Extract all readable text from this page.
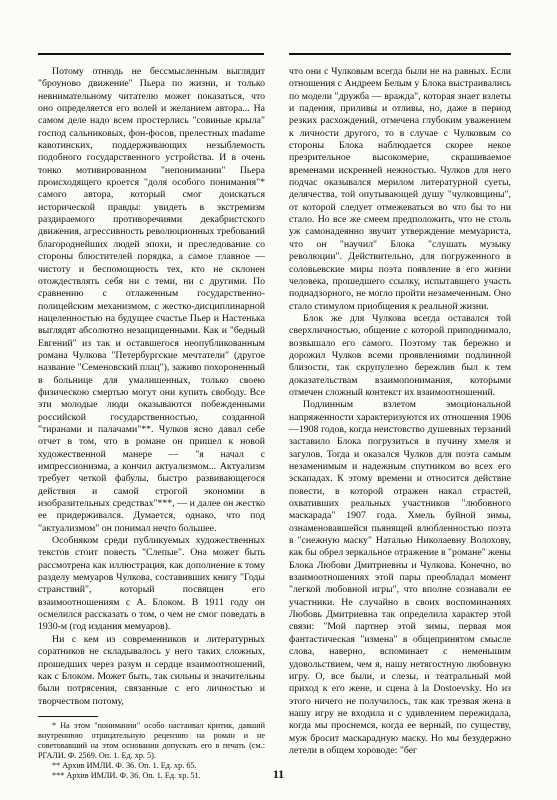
Потому отнюдь не бессмысленным выглядит "броуново движение" Пьера по жизни, и только невнимательному читателю может показаться, что оно определяется его волей и желанием автора... На самом деле надо всем простерлись "совиные крыла" господ сальниковых, фон-фосов, прелестных madame кавотинских, поддерживающих незыблемость подобного государственного устройства. И в очень тонко мотивированном "непонимании" Пьера происходящего кроется "доля особого понимания"* самого автора, который смог доискаться исторической правды: увидеть в экстремизм раздираемого противоречиями декабристского движения, агрессивность революционных требований благороднейших людей эпохи, и преследование со стороны блюстителей порядка, а самое главное — чистоту и беспомощность тех, кто не склонен отождествлять себя ни с теми, ни с другими. По сравнению с отлаженным государственно-полицейским механизмом, с жестко-дисциплинарной нацеленностью на будущее счастье Пьер и Настенька выглядят абсолютно незащищенными. Как и "бедный Евгений" из так и оставшегося неопубликованным романа Чулкова "Петербургские мечтатели" (другое название "Семеновский плац"), заживо похороненный в больнице для умалишенных, только своею физическою смертью могут они купить свободу. Все эти молодые люди оказываются побежденными российской государственностью, созданной "тиранами и палачами"**. Чулков ясно давал себе отчет в том, что в романе он пришел к новой художественной манере — "я начал с импрессионизма, а кончил актуализмом... Актуализм требует четкой фабулы, быстро развивающегося действия и самой строгой экономии в изобразительных средствах"***, — и далее он жестко ее придерживался. Думается, однако, что под "актуализмом" он понимал нечто большее.

Особняком среди публикуемых художественных текстов стоит повесть "Слепые". Она может быть рассмотрена как иллюстрация, как дополнение к тому разделу мемуаров Чулкова, составивших книгу "Годы странствий", который посвящен его взаимоотношениям с А. Блоком. В 1911 году он осмелился рассказать о том, о чем не смог поведать в 1930-м (год издания мемуаров).

Ни с кем из современников и литературных соратников не складывалось у него таких сложных, прошедших через разум и сердце взаимоотношений, как с Блоком. Может быть, так сильны и значительны были потрясения, связанные с его личностью и творчеством потому,

* На этом "понимании" особо настаивал критик, давший внутреннюю отрицательную рецензию на роман и не советовавший на этом основании допускать его в печать (см.: РГАЛИ. Ф. 2569. Оп. 1. Ед. хр. 5).

** Архив ИМЛИ. Ф. 36. Оп. 1. Ед. хр. 65.

*** Архив ИМЛИ. Ф. 36. Оп. 1. Ед. хр. 51.

что они с Чулковым всегда были не на равных. Если отношения с Андреем Белым у Блока выстраивались по модели "дружба — вражда", которая знает взлеты и падения, приливы и отливы, но, даже в период резких расхождений, отмечена глубоким уважением к личности другого, то в случае с Чулковым со стороны Блока наблюдается скорее некое презрительное высокомерие, скрашиваемое временами искренней нежностью. Чулков для него подчас оказывался мерилом литературной суеты, делячества, той опутывающей душу "чулковщины", от которой следует отмежеваться во что бы то ни стало. Но все же смеем предположить, что не столь уж самонадеянно звучит утверждение мемуариста, что он "научил" Блока "слушать музыку революции". Действительно, для погруженного в соловьевские миры поэта появление в его жизни человека, прошедшего ссылку, испытавшего участь поднадзорного, не могло пройти незамеченным. Оно стало стимулом приобщения к реальной жизни.

Блок же для Чулкова всегда оставался той сверхличностью, общение с которой приподнимало, возвышало его самого. Поэтому так бережно и дорожил Чулков всеми проявлениями подлинной близости, так скрупулезно бережлив был к тем доказательствам взаимопонимания, которыми отмечен сложный контекст их взаимоотношений.

Подлинным взлетом эмоциональной напряженности характеризуются их отношения 1906—1908 годов, когда неистовство душевных терзаний заставило Блока погрузиться в пучину хмеля и загулов. Тогда и оказался Чулков для поэта самым незаменимым и надежным спутником во всех его эскападах. К этому времени и относится действие повести, в которой отражен накал страстей, охвативших реальных участников "любовного маскарада" 1907 года. Хмель буйной зимы, ознаменовавшейся пьянящей влюбленностью поэта в "снежную маску" Наталью Николаевну Волохову, как бы обрел зеркальное отражение в "романе" жены Блока Любови Дмитриевны и Чулкова. Конечно, во взаимоотношениях этой пары преобладал момент "легкой любовной игры", что вполне сознавали ее участники. Не случайно в своих воспоминаниях Любовь Дмитриевна так определила характер этой связи: "Мой партнер этой зимы, первая моя фантастическая "измена" в общепринятом смысле слова, наверно, вспоминает с неменьшим удовольствием, чем я, нашу нетягостную любовную игру. О, все были, и слезы, и театральный мой приход к его жене, и сцена à la Dostoevsky. Но из этого ничего не получилось, так как трезвая жена в нашу игру не входила и с удивлением пережидала, когда мы проснемся, когда ее верный, по существу, муж бросит маскарадную маску. Но мы безудержно летели в общем хороводе: "бег

11
